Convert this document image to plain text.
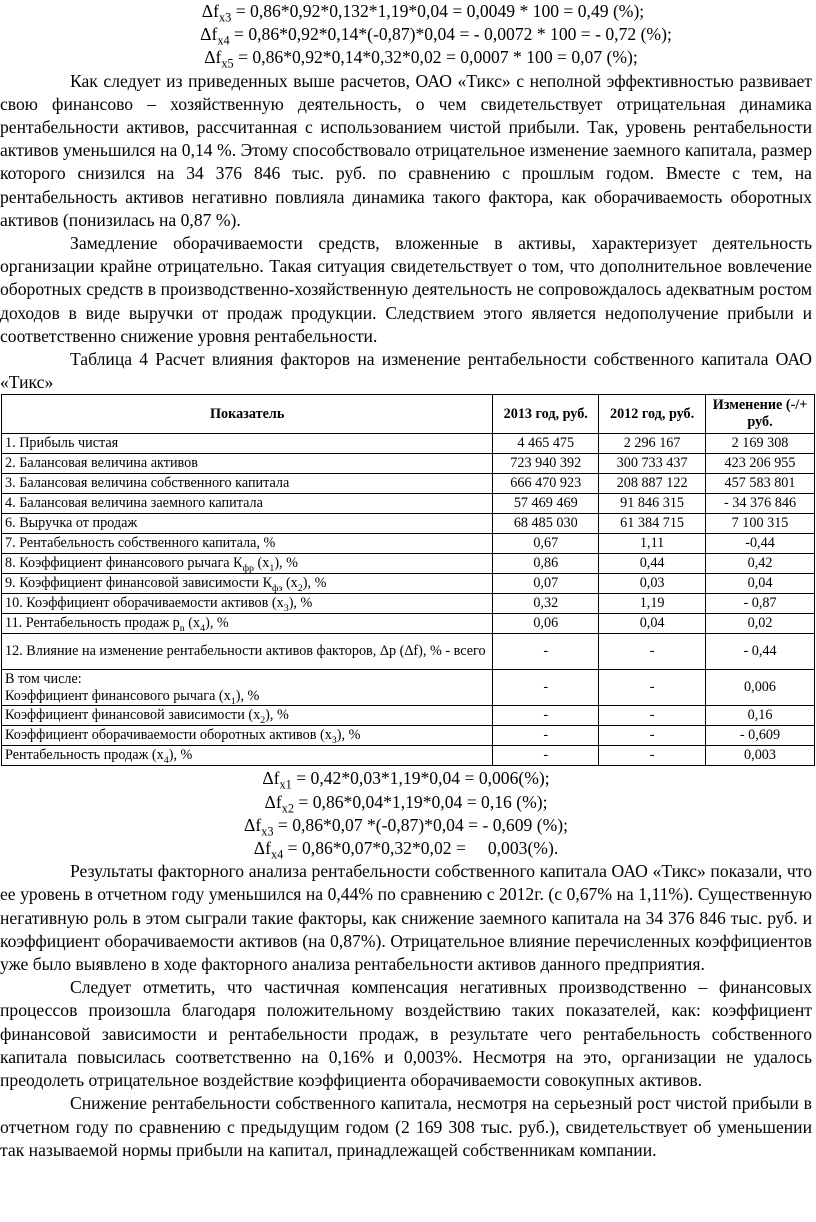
$\Delta f_{x3} = 0,86*0,92*0,132*1,19*0,04 = 0,0049 * 100 = 0,49$ (%);
$\Delta f_{x4} = 0,86*0,92*0,14*(-0,87)*0,04$ = - 0,0072 * 100 = - 0,72 (%);
$\Delta f_{x5} = 0,86*0,92*0,14*0,32*0,02 = 0,0007 * 100 = 0,07$ (%);

Как следует из приведенных выше расчетов, ОАО «Тикс» с неполной эффективностью развивает свою финансово – хозяйственную деятельность, о чем свидетельствует отрицательная динамика рентабельности активов, рассчитанная с использованием чистой прибыли. Так, уровень рентабельности активов уменьшился на 0,14 %. Этому способствовало отрицательное изменение заемного капитала, размер которого снизился на 34 376 846 тыс. руб. по сравнению с прошлым годом. Вместе с тем, на рентабельность активов негативно повлияла динамика такого фактора, как оборачиваемость оборотных активов (понизилась на 0,87 %).

Замедление оборачиваемости средств, вложенные в активы, характеризует деятельность организации крайне отрицательно. Такая ситуация свидетельствует о том, что дополнительное вовлечение оборотных средств в производственно-хозяйственную деятельность не сопровождалось адекватным ростом доходов в виде выручки от продаж продукции. Следствием этого является недополучение прибыли и соответственно снижение уровня рентабельности.

Таблица 4 Расчет влияния факторов на изменение рентабельности собственного капитала ОАО «Тикс»

Показатель	2013 год, руб.	2012 год, руб.	Изменение (-/+ руб.
1. Прибыль чистая	4 465 475	2 296 167	2 169 308
2. Балансовая величина активов	723 940 392	300 733 437	423 206 955
3. Балансовая величина собственного капитала	666 470 923	208 887 122	457 583 801
4. Балансовая величина заемного капитала	57 469 469	91 846 315	- 34 376 846
6. Выручка от продаж	68 485 030	61 384 715	7 100 315
7. Рентабельность собственного капитала, %	0,67	1,11	-0,44
8. Коэффициент финансового рычага $К_{фр}$ $(x_1)$, %	0,86	0,44	0,42
9. Коэффициент финансовой зависимости $К_{фз}$ $(x_2)$, %	0,07	0,03	0,04
10. Коэффициент оборачиваемости активов $(x_3)$, %	0,32	1,19	- 0,87
11. Рентабельность продаж $p_n$ $(x_4)$, %	0,06	0,04	0,02
12. Влияние на изменение рентабельности активов факторов, Δp (Δf), % - всего	-	-	- 0,44

В том числе:
Коэффициент финансового рычага $(x_1)$, %	-	-	0,006
Коэффициент финансовой зависимости $(x_2)$, %	-	-	0,16
Коэффициент оборачиваемости оборотных активов $(x_3)$, %	-	-	- 0,609
Рентабельность продаж $(x_4)$, %	-	-	0,003
$\Delta f_{x1} = 0,42*0,03*1,19*0,04 = 0,006(\%)$;
$\Delta f_{x2} = 0,86*0,04*1,19*0,04 = 0,16$ (%);
$\Delta f_{x3} = 0,86*0,07$ *(-0,87)*0,04 = - 0,609 (%);
$\Delta f_{x4} = 0,86*0,07*0,32*0,02$ =     0,003(%).

Результаты факторного анализа рентабельности собственного капитала ОАО «Тикс» показали, что ее уровень в отчетном году уменьшился на 0,44% по сравнению с 2012г. (с 0,67% на 1,11%). Существенную негативную роль в этом сыграли такие факторы, как снижение заемного капитала на 34 376 846 тыс. руб. и коэффициент оборачиваемости активов (на 0,87%). Отрицательное влияние перечисленных коэффициентов уже было выявлено в ходе факторного анализа рентабельности активов данного предприятия.

Следует отметить, что частичная компенсация негативных производственно – финансовых процессов произошла благодаря положительному воздействию таких показателей, как: коэффициент финансовой зависимости и рентабельности продаж, в результате чего рентабельность собственного капитала повысилась соответственно на 0,16% и 0,003%. Несмотря на это, организации не удалось преодолеть отрицательное воздействие коэффициента оборачиваемости совокупных активов.

Снижение рентабельности собственного капитала, несмотря на серьезный рост чистой прибыли в отчетном году по сравнению с предыдущим годом (2 169 308 тыс. руб.), свидетельствует об уменьшении так называемой нормы прибыли на капитал, принадлежащей собственникам компании.
